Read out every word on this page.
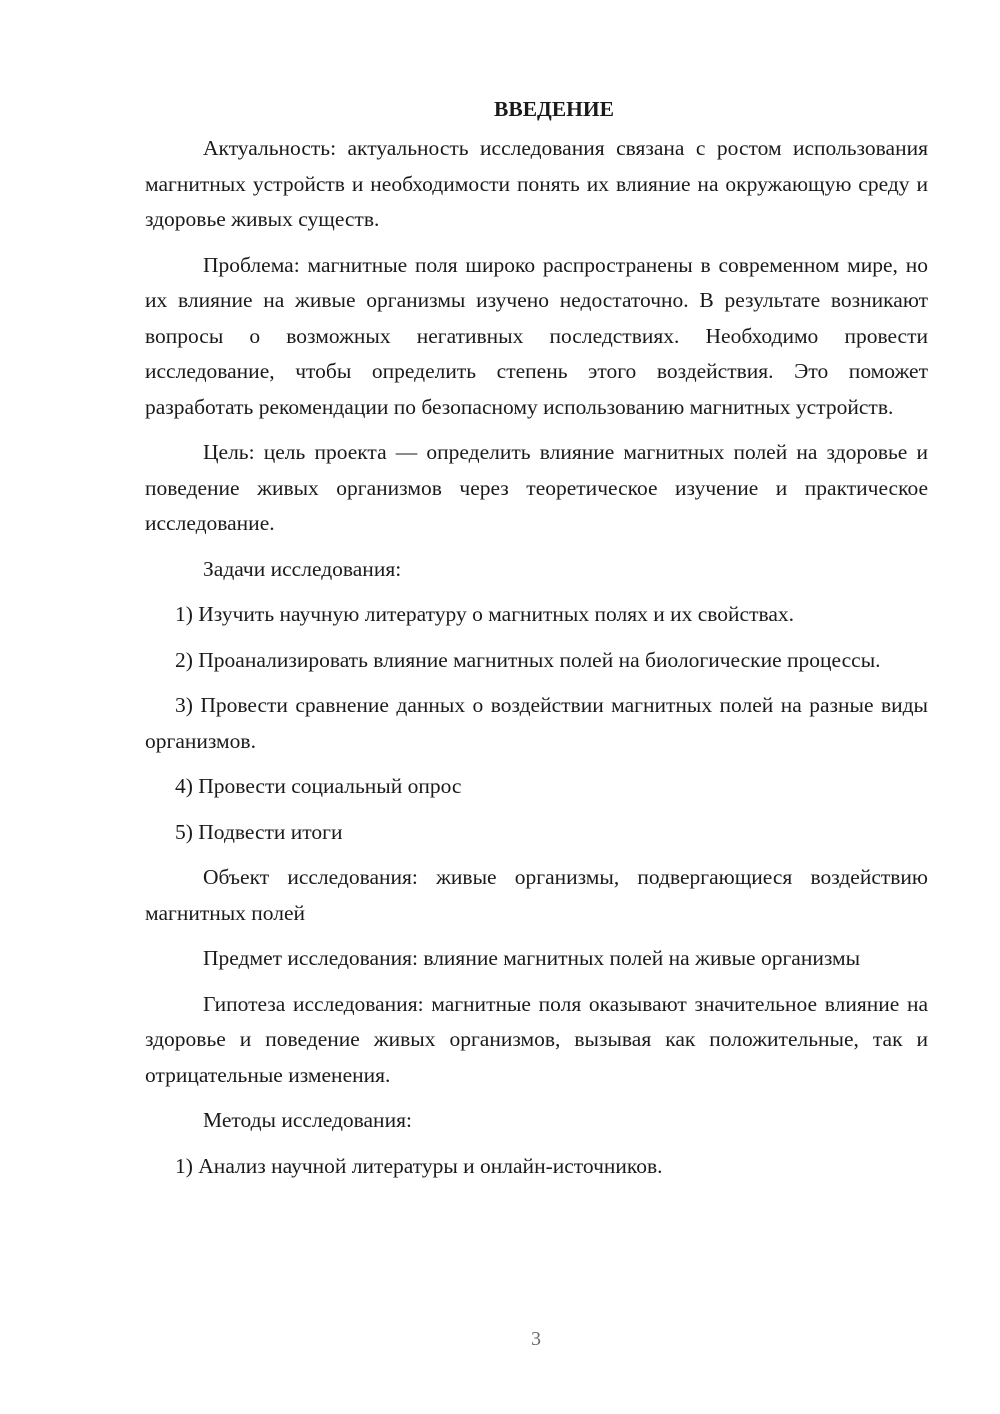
ВВЕДЕНИЕ

Актуальность: актуальность исследования связана с ростом использования магнитных устройств и необходимости понять их влияние на окружающую среду и здоровье живых существ.

Проблема: магнитные поля широко распространены в современном мире, но их влияние на живые организмы изучено недостаточно. В результате возникают вопросы о возможных негативных последствиях. Необходимо провести исследование, чтобы определить степень этого воздействия. Это поможет разработать рекомендации по безопасному использованию магнитных устройств.

Цель: цель проекта — определить влияние магнитных полей на здоровье и поведение живых организмов через теоретическое изучение и практическое исследование.

Задачи исследования:

1) Изучить научную литературу о магнитных полях и их свойствах.

2) Проанализировать влияние магнитных полей на биологические процессы.

3) Провести сравнение данных о воздействии магнитных полей на разные виды организмов.

4) Провести социальный опрос

5) Подвести итоги

Объект исследования: живые организмы, подвергающиеся воздействию магнитных полей

Предмет исследования: влияние магнитных полей на живые организмы

Гипотеза исследования: магнитные поля оказывают значительное влияние на здоровье и поведение живых организмов, вызывая как положительные, так и отрицательные изменения.

Методы исследования:

1) Анализ научной литературы и онлайн-источников.

3
